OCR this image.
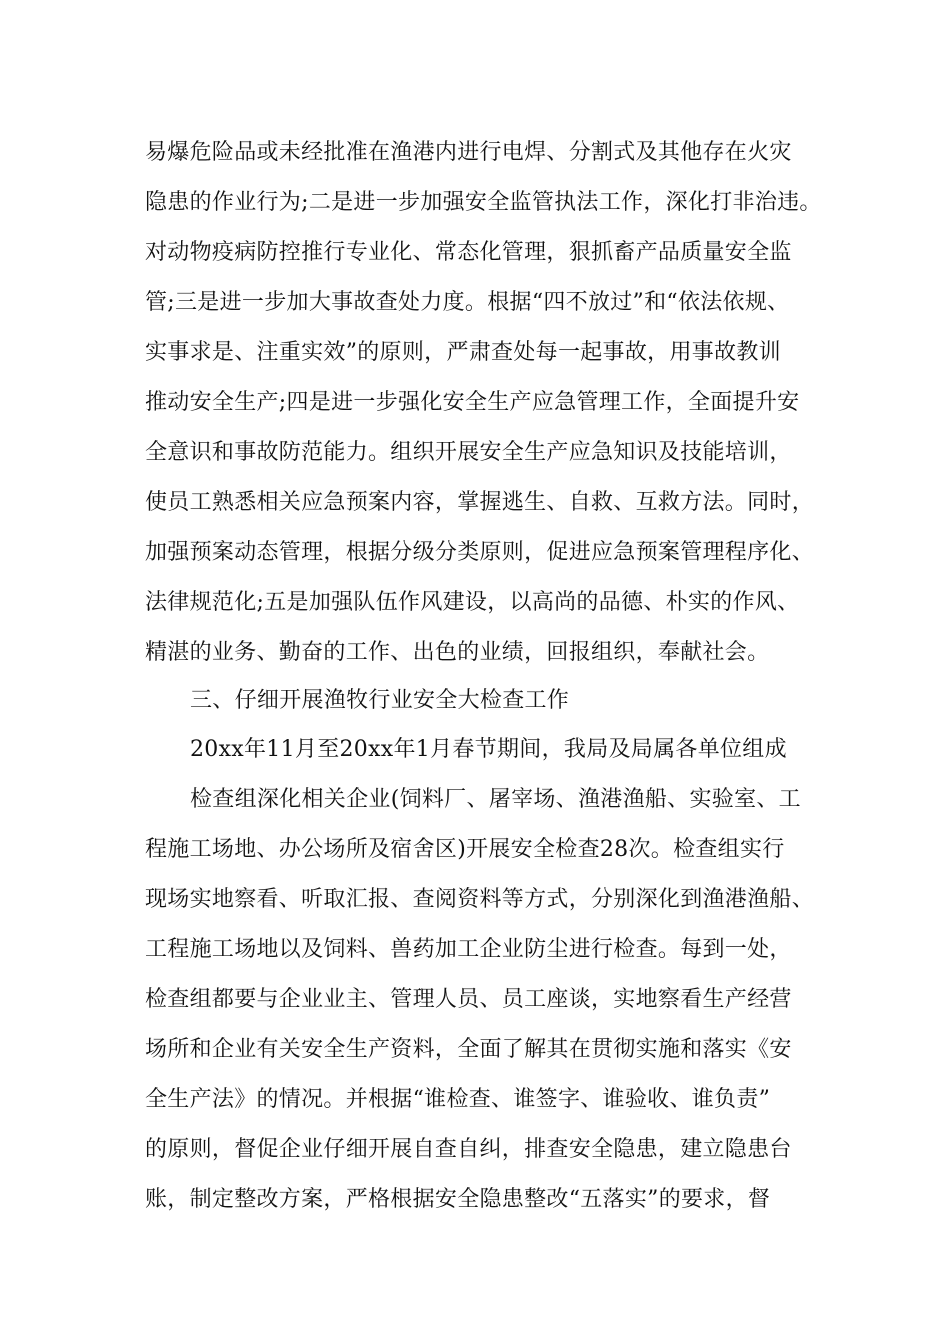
易爆危险品或未经批准在渔港内进行电焊、分割式及其他存在火灾
隐患的作业行为;二是进一步加强安全监管执法工作，深化打非治违。
对动物疫病防控推行专业化、常态化管理，狠抓畜产品质量安全监
管;三是进一步加大事故查处力度。根据“四不放过”和“依法依规、
实事求是、注重实效”的原则，严肃查处每一起事故，用事故教训
推动安全生产;四是进一步强化安全生产应急管理工作，全面提升安
全意识和事故防范能力。组织开展安全生产应急知识及技能培训，
使员工熟悉相关应急预案内容，掌握逃生、自救、互救方法。同时，
加强预案动态管理，根据分级分类原则，促进应急预案管理程序化、
法律规范化;五是加强队伍作风建设，以高尚的品德、朴实的作风、
精湛的业务、勤奋的工作、出色的业绩，回报组织，奉献社会。
三、仔细开展渔牧行业安全大检查工作
20xx年11月至20xx年1月春节期间，我局及局属各单位组成
检查组深化相关企业(饲料厂、屠宰场、渔港渔船、实验室、工
程施工场地、办公场所及宿舍区)开展安全检查28次。检查组实行
现场实地察看、听取汇报、查阅资料等方式，分别深化到渔港渔船、
工程施工场地以及饲料、兽药加工企业防尘进行检查。每到一处，
检查组都要与企业业主、管理人员、员工座谈，实地察看生产经营
场所和企业有关安全生产资料，全面了解其在贯彻实施和落实《安
全生产法》的情况。并根据“谁检查、谁签字、谁验收、谁负责”
的原则，督促企业仔细开展自查自纠，排查安全隐患，建立隐患台
账，制定整改方案，严格根据安全隐患整改“五落实”的要求，督
